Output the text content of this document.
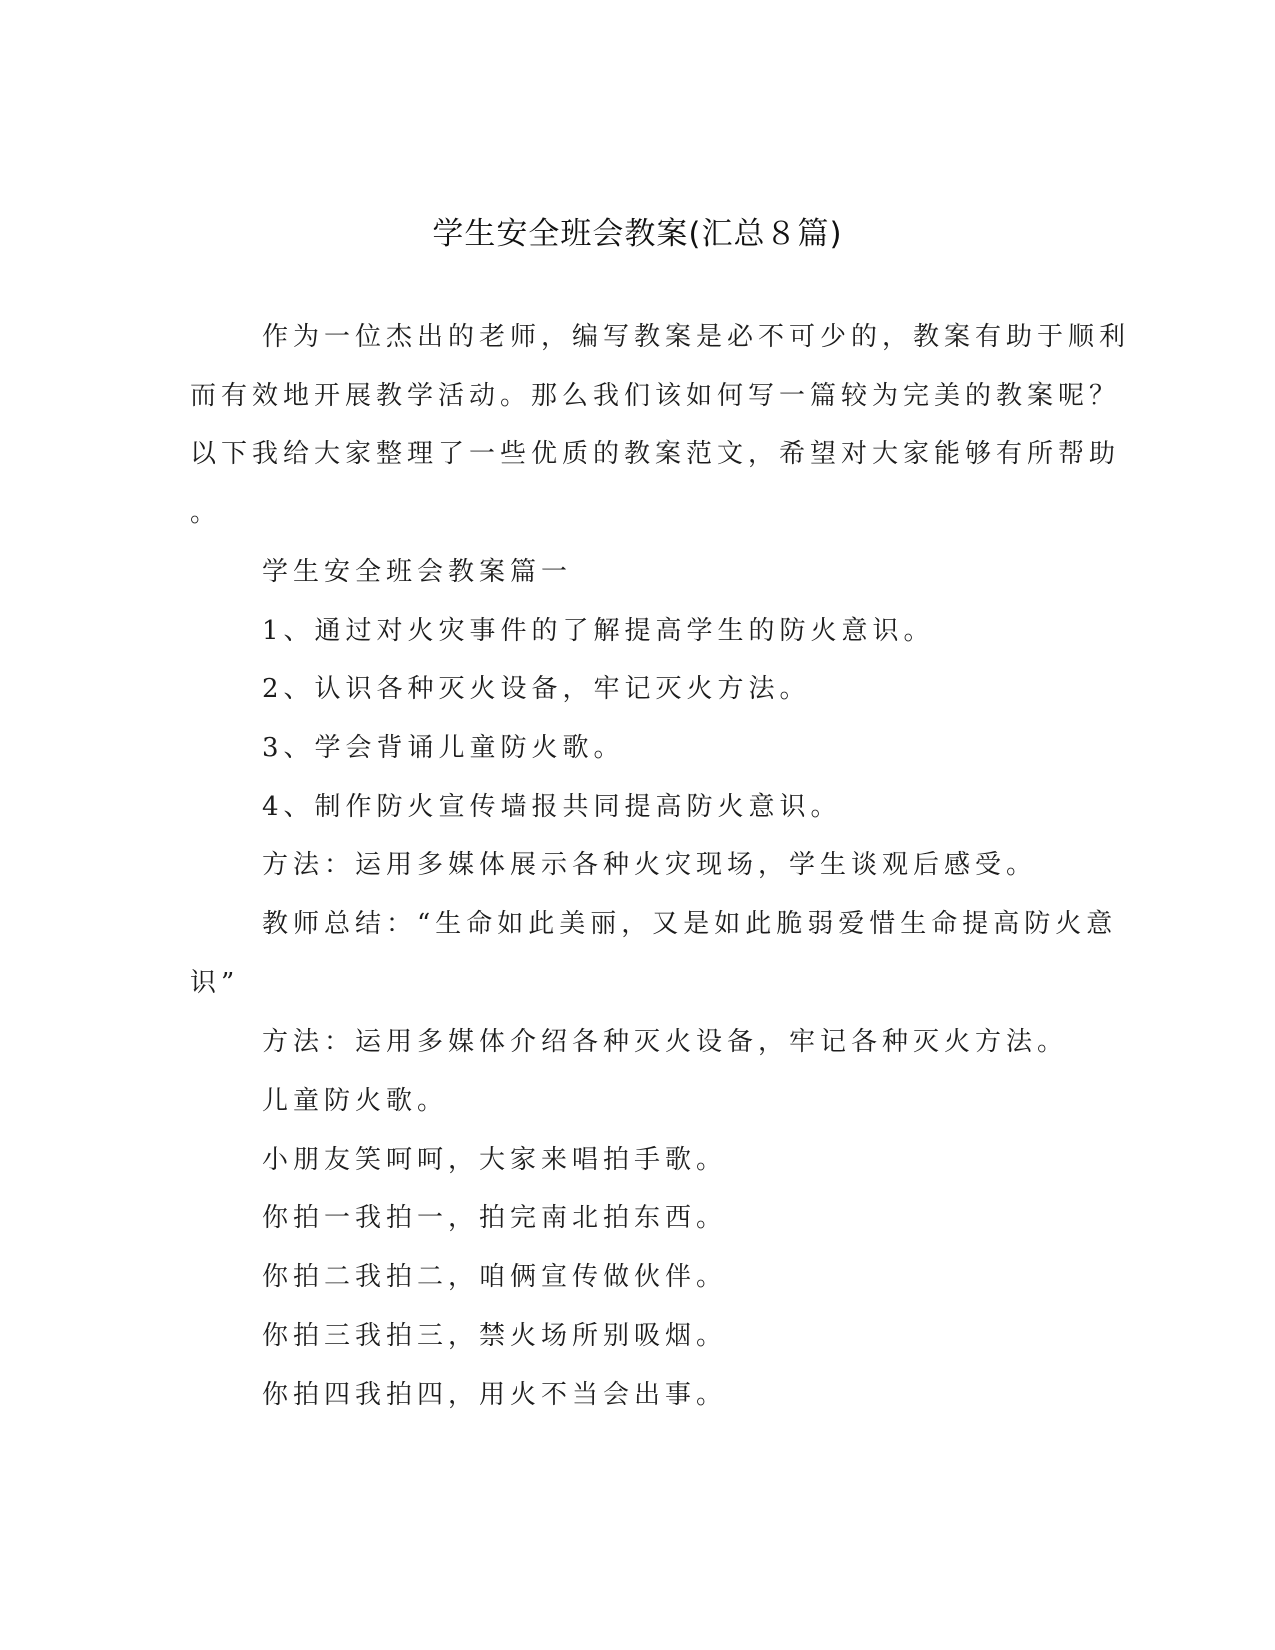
学生安全班会教案(汇总８篇)
作为一位杰出的老师，编写教案是必不可少的，教案有助于顺利
而有效地开展教学活动。那么我们该如何写一篇较为完美的教案呢？
以下我给大家整理了一些优质的教案范文，希望对大家能够有所帮助
。
学生安全班会教案篇一
1、通过对火灾事件的了解提高学生的防火意识。
2、认识各种灭火设备，牢记灭火方法。
3、学会背诵儿童防火歌。
4、制作防火宣传墙报共同提高防火意识。
方法：运用多媒体展示各种火灾现场，学生谈观后感受。
教师总结：“生命如此美丽，又是如此脆弱爱惜生命提高防火意
识”
方法：运用多媒体介绍各种灭火设备，牢记各种灭火方法。
儿童防火歌。
小朋友笑呵呵，大家来唱拍手歌。
你拍一我拍一，拍完南北拍东西。
你拍二我拍二，咱俩宣传做伙伴。
你拍三我拍三，禁火场所别吸烟。
你拍四我拍四，用火不当会出事。
